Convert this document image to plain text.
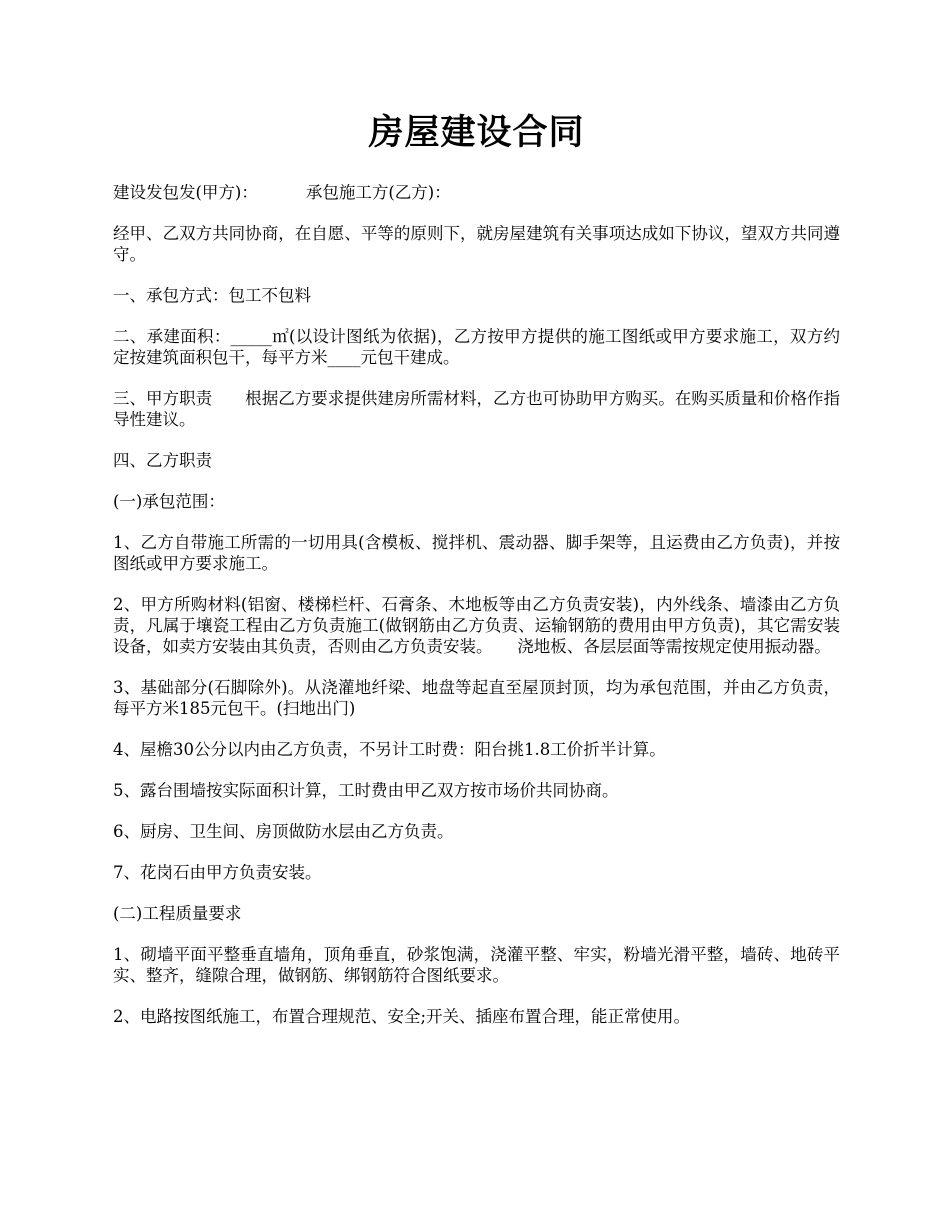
房屋建设合同

建设发包发(甲方)：	承包施工方(乙方)：

经甲、乙双方共同协商，在自愿、平等的原则下，就房屋建筑有关事项达成如下协议，望双方共同遵守。

一、承包方式：包工不包料

二、承建面积：_____㎡(以设计图纸为依据)，乙方按甲方提供的施工图纸或甲方要求施工，双方约定按建筑面积包干，每平方米____元包干建成。

三、甲方职责　　根据乙方要求提供建房所需材料，乙方也可协助甲方购买。在购买质量和价格作指导性建议。

四、乙方职责

(一)承包范围：

1、乙方自带施工所需的一切用具(含模板、搅拌机、震动器、脚手架等，且运费由乙方负责)，并按图纸或甲方要求施工。

2、甲方所购材料(铝窗、楼梯栏杆、石膏条、木地板等由乙方负责安装)，内外线条、墙漆由乙方负责，凡属于壤瓷工程由乙方负责施工(做钢筋由乙方负责、运输钢筋的费用由甲方负责)，其它需安装设备，如卖方安装由其负责，否则由乙方负责安装。　　浇地板、各层层面等需按规定使用振动器。

3、基础部分(石脚除外)。从浇灌地纤梁、地盘等起直至屋顶封顶，均为承包范围，并由乙方负责，每平方米185元包干。(扫地出门)

4、屋檐30公分以内由乙方负责，不另计工时费：阳台挑1.8工价折半计算。

5、露台围墙按实际面积计算，工时费由甲乙双方按市场价共同协商。

6、厨房、卫生间、房顶做防水层由乙方负责。

7、花岗石由甲方负责安装。

(二)工程质量要求

1、砌墙平面平整垂直墙角，顶角垂直，砂浆饱满，浇灌平整、牢实，粉墙光滑平整，墙砖、地砖平实、整齐，缝隙合理，做钢筋、绑钢筋符合图纸要求。

2、电路按图纸施工，布置合理规范、安全;开关、插座布置合理，能正常使用。
